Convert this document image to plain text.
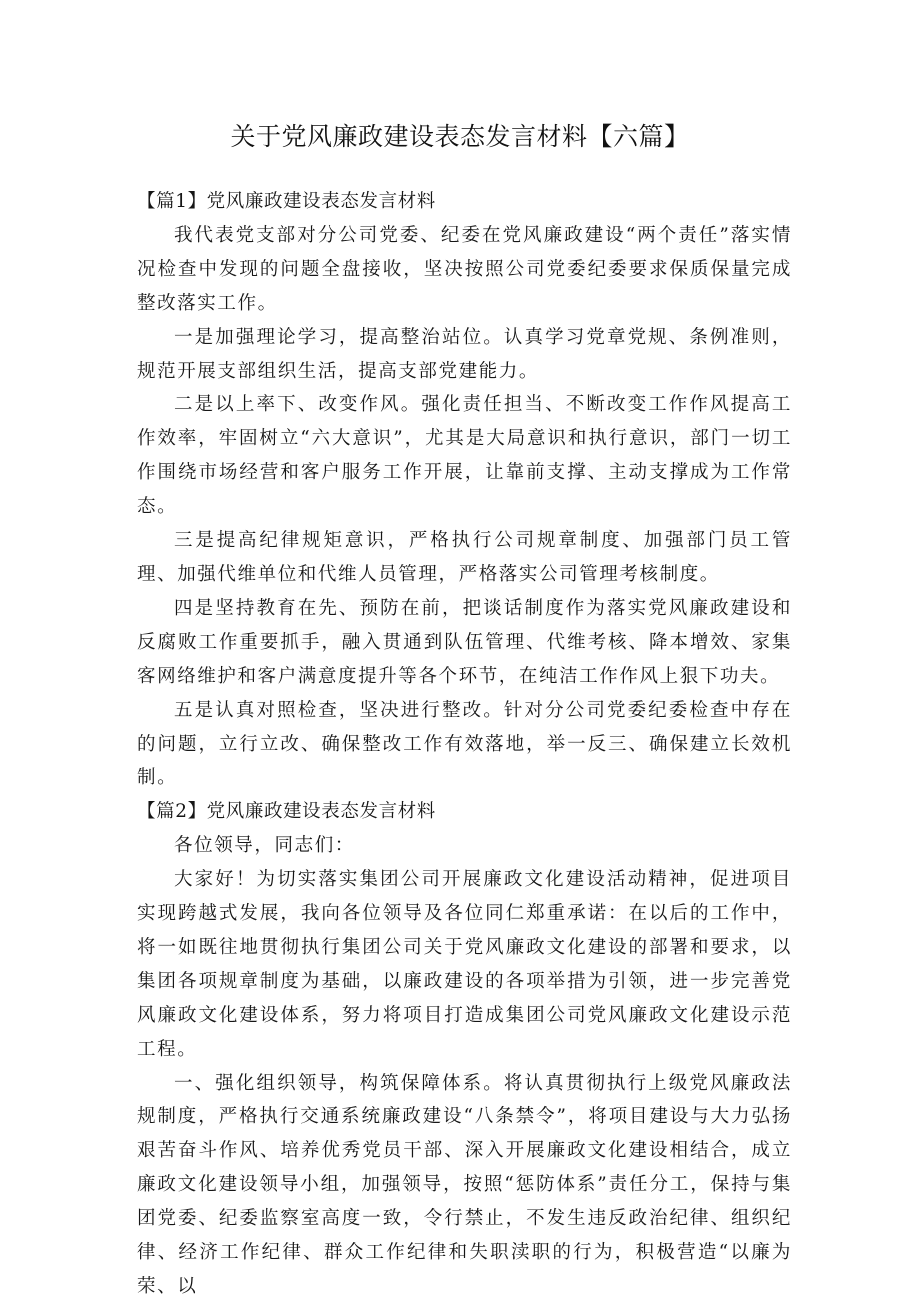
关于党风廉政建设表态发言材料【六篇】

【篇1】党风廉政建设表态发言材料

我代表党支部对分公司党委、纪委在党风廉政建设“两个责任”落实情况检查中发现的问题全盘接收，坚决按照公司党委纪委要求保质保量完成整改落实工作。

一是加强理论学习，提高整治站位。认真学习党章党规、条例准则，规范开展支部组织生活，提高支部党建能力。

二是以上率下、改变作风。强化责任担当、不断改变工作作风提高工作效率，牢固树立“六大意识”，尤其是大局意识和执行意识，部门一切工作围绕市场经营和客户服务工作开展，让靠前支撑、主动支撑成为工作常态。

三是提高纪律规矩意识，严格执行公司规章制度、加强部门员工管理、加强代维单位和代维人员管理，严格落实公司管理考核制度。

四是坚持教育在先、预防在前，把谈话制度作为落实党风廉政建设和反腐败工作重要抓手，融入贯通到队伍管理、代维考核、降本增效、家集客网络维护和客户满意度提升等各个环节，在纯洁工作作风上狠下功夫。

五是认真对照检查，坚决进行整改。针对分公司党委纪委检查中存在的问题，立行立改、确保整改工作有效落地，举一反三、确保建立长效机制。

【篇2】党风廉政建设表态发言材料

各位领导，同志们：

大家好！为切实落实集团公司开展廉政文化建设活动精神，促进项目实现跨越式发展，我向各位领导及各位同仁郑重承诺：在以后的工作中，将一如既往地贯彻执行集团公司关于党风廉政文化建设的部署和要求，以集团各项规章制度为基础，以廉政建设的各项举措为引领，进一步完善党风廉政文化建设体系，努力将项目打造成集团公司党风廉政文化建设示范工程。

一、强化组织领导，构筑保障体系。将认真贯彻执行上级党风廉政法规制度，严格执行交通系统廉政建设“八条禁令”，将项目建设与大力弘扬艰苦奋斗作风、培养优秀党员干部、深入开展廉政文化建设相结合，成立廉政文化建设领导小组，加强领导，按照“惩防体系”责任分工，保持与集团党委、纪委监察室高度一致，令行禁止，不发生违反政治纪律、组织纪律、经济工作纪律、群众工作纪律和失职渎职的行为，积极营造“以廉为荣、以
